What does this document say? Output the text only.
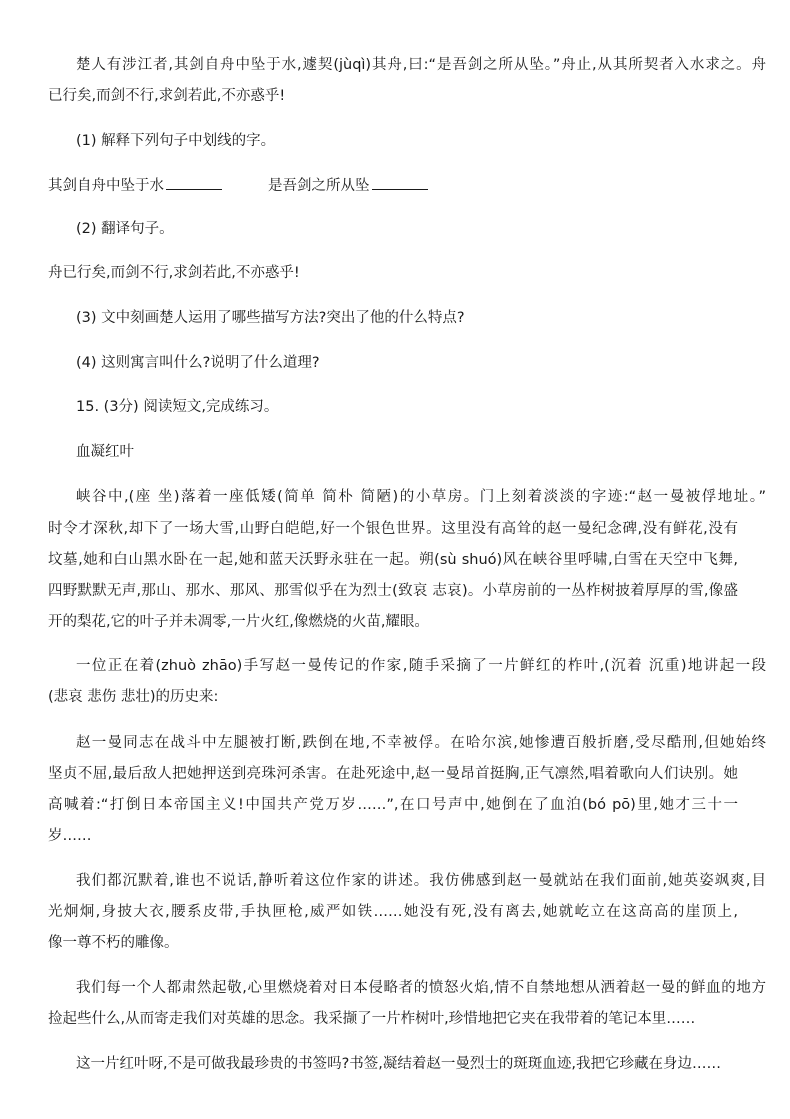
楚人有涉江者,其剑自舟中坠于水,遽契(jùqì)其舟,曰:“是吾剑之所从坠。”舟止,从其所契者入水求之。舟
已行矣,而剑不行,求剑若此,不亦惑乎!
(1) 解释下列句子中划线的字。
其剑自舟中坠于水	是吾剑之所从坠
(2) 翻译句子。
舟已行矣,而剑不行,求剑若此,不亦惑乎!
(3) 文中刻画楚人运用了哪些描写方法?突出了他的什么特点?
(4) 这则寓言叫什么?说明了什么道理?
15. (3分) 阅读短文,完成练习。
血凝红叶
峡谷中,(座 坐)落着一座低矮(简单 简朴 简陋)的小草房。门上刻着淡淡的字迹:“赵一曼被俘地址。”
时令才深秋,却下了一场大雪,山野白皑皑,好一个银色世界。这里没有高耸的赵一曼纪念碑,没有鲜花,没有
坟墓,她和白山黑水卧在一起,她和蓝天沃野永驻在一起。朔(sù shuó)风在峡谷里呼啸,白雪在天空中飞舞,
四野默默无声,那山、那水、那风、那雪似乎在为烈士(致哀 志哀)。小草房前的一丛柞树披着厚厚的雪,像盛
开的梨花,它的叶子并未凋零,一片火红,像燃烧的火苗,耀眼。
一位正在着(zhuò zhāo)手写赵一曼传记的作家,随手采摘了一片鲜红的柞叶,(沉着 沉重)地讲起一段
(悲哀 悲伤 悲壮)的历史来:
赵一曼同志在战斗中左腿被打断,跌倒在地,不幸被俘。在哈尔滨,她惨遭百般折磨,受尽酷刑,但她始终
坚贞不屈,最后敌人把她押送到亮珠河杀害。在赴死途中,赵一曼昂首挺胸,正气凛然,唱着歌向人们诀别。她
高喊着:“打倒日本帝国主义!中国共产党万岁……”,在口号声中,她倒在了血泊(bó pō)里,她才三十一
岁……
我们都沉默着,谁也不说话,静听着这位作家的讲述。我仿佛感到赵一曼就站在我们面前,她英姿飒爽,目
光炯炯,身披大衣,腰系皮带,手执匣枪,威严如铁……她没有死,没有离去,她就屹立在这高高的崖顶上,
像一尊不朽的雕像。
我们每一个人都肃然起敬,心里燃烧着对日本侵略者的愤怒火焰,情不自禁地想从洒着赵一曼的鲜血的地方
捡起些什么,从而寄走我们对英雄的思念。我采撷了一片柞树叶,珍惜地把它夹在我带着的笔记本里……
这一片红叶呀,不是可做我最珍贵的书签吗?书签,凝结着赵一曼烈士的斑斑血迹,我把它珍藏在身边……
